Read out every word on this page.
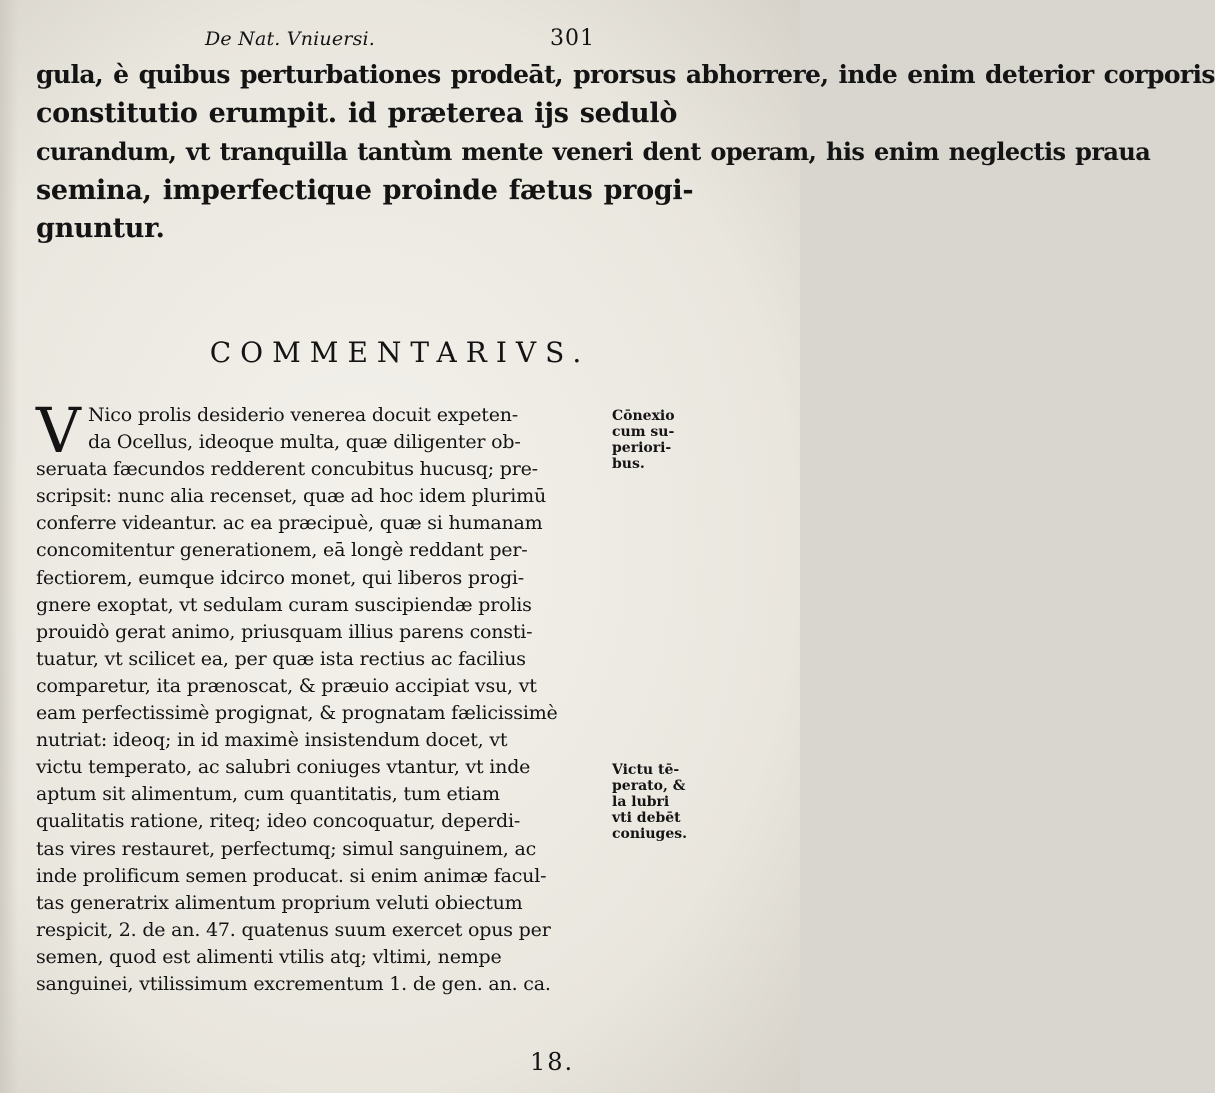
De Nat. Vniuersi.	301
gula, è quibus perturbationes prodeāt, prorsus abhorrere, inde enim deterior corporis
constitutio erumpit. id præterea ijs sedulò
curandum, vt tranquilla tantùm mente veneri dent operam, his enim neglectis praua
semina, imperfectique proinde fætus progi-
gnuntur.
COMMENTARIVS.
V Nico prolis desiderio venerea docuit expeten-
da Ocellus, ideoque multa, quæ diligenter ob-
seruata fæcundos redderent concubitus hucusq; pre-
scripsit: nunc alia recenset, quæ ad hoc idem plurimū
conferre videantur. ac ea præcipuè, quæ si humanam
concomitentur generationem, eā longè reddant per-
fectiorem, eumque idcirco monet, qui liberos progi-
gnere exoptat, vt sedulam curam suscipiendæ prolis
prouidò gerat animo, priusquam illius parens consti-
tuatur, vt scilicet ea, per quæ ista rectius ac facilius
comparetur, ita prænoscat, & præuio accipiat vsu, vt
eam perfectissimè progignat, & prognatam fælicissimè
nutriat: ideoq; in id maximè insistendum docet, vt
victu temperato, ac salubri coniuges vtantur, vt inde
aptum sit alimentum, cum quantitatis, tum etiam
qualitatis ratione, riteq; ideo concoquatur, deperdi-
tas vires restauret, perfectumq; simul sanguinem, ac
inde prolificum semen producat. si enim animæ facul-
tas generatrix alimentum proprium veluti obiectum
respicit, 2. de an. 47. quatenus suum exercet opus per
semen, quod est alimenti vtilis atq; vltimi, nempe
sanguinei, vtilissimum excrementum 1. de gen. an. ca.
Cōnexio
cum su-
periori-
bus.
Victu tē-
perato, &
la lubri
vti debēt
coniuges.
18.
